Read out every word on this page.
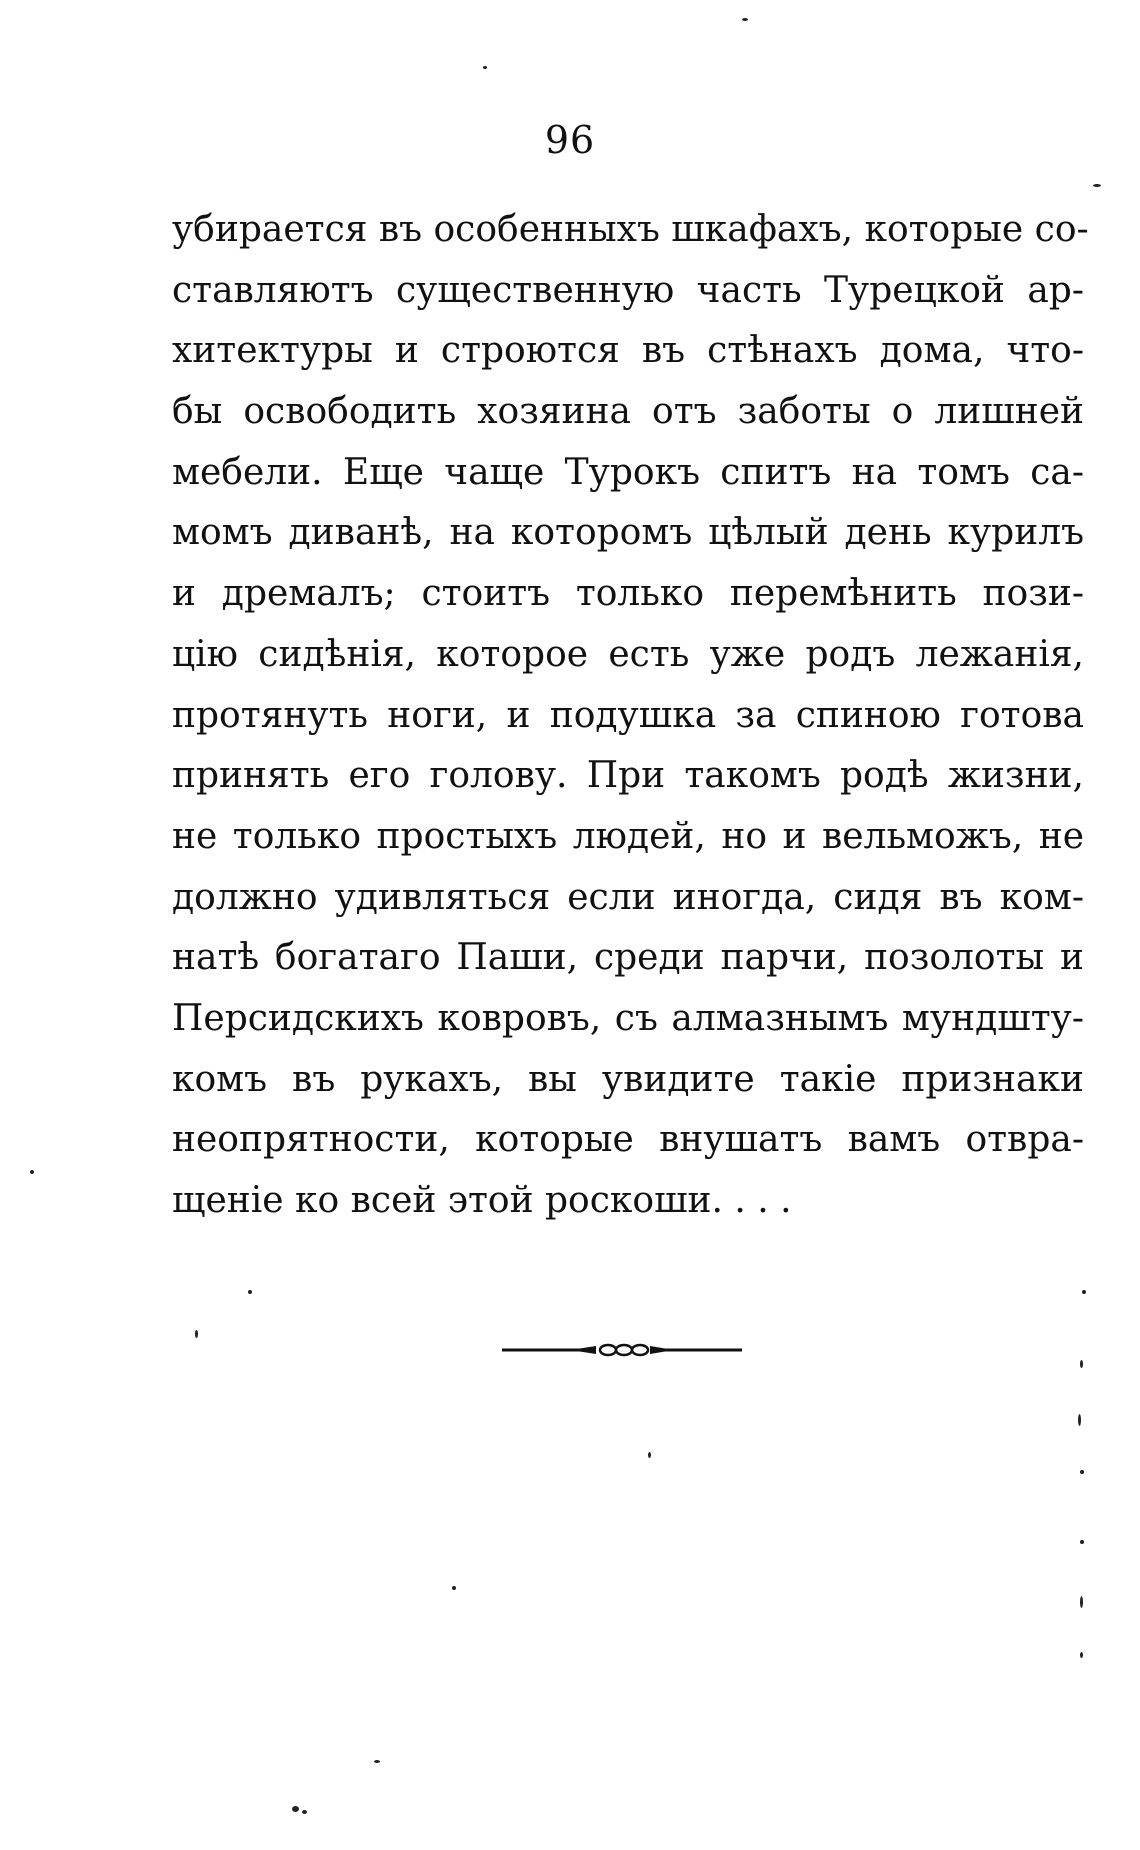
96
убирается въ особенныхъ шкафахъ, которые со-
ставляютъ существенную часть Турецкой ар-
хитектуры и строются въ стѣнахъ дома, что-
бы освободить хозяина отъ заботы о лишней
мебели. Еще чаще Турокъ спитъ на томъ са-
момъ диванѣ, на которомъ цѣлый день курилъ
и дремалъ; стоитъ только перемѣнить пози-
цію сидѣнія, которое есть уже родъ лежанія,
протянуть ноги, и подушка за спиною готова
принять его голову. При такомъ родѣ жизни,
не только простыхъ людей, но и вельможъ, не
должно удивляться если иногда, сидя въ ком-
натѣ богатаго Паши, среди парчи, позолоты и
Персидскихъ ковровъ, съ алмазнымъ мундшту-
комъ въ рукахъ, вы увидите такіе признаки
неопрятности, которые внушатъ вамъ отвра-
щеніе ко всей этой роскоши. . . .
